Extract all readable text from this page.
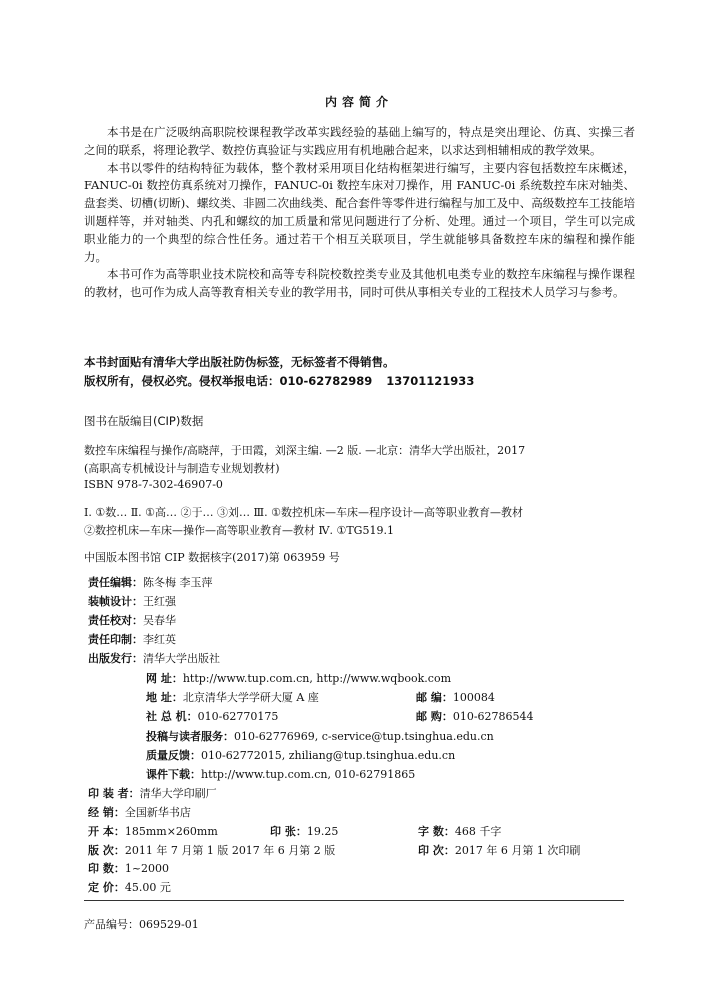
内容简介

本书是在广泛吸纳高职院校课程教学改革实践经验的基础上编写的，特点是突出理论、仿真、实操三者之间的联系，将理论教学、数控仿真验证与实践应用有机地融合起来，以求达到相辅相成的教学效果。

本书以零件的结构特征为载体，整个教材采用项目化结构框架进行编写，主要内容包括数控车床概述，FANUC-0i 数控仿真系统对刀操作，FANUC-0i 数控车床对刀操作，用 FANUC-0i 系统数控车床对轴类、盘套类、切槽(切断)、螺纹类、非圆二次曲线类、配合套件等零件进行编程与加工及中、高级数控车工技能培训题样等，并对轴类、内孔和螺纹的加工质量和常见问题进行了分析、处理。通过一个项目，学生可以完成职业能力的一个典型的综合性任务。通过若干个相互关联项目，学生就能够具备数控车床的编程和操作能力。

本书可作为高等职业技术院校和高等专科院校数控类专业及其他机电类专业的数控车床编程与操作课程的教材，也可作为成人高等教育相关专业的教学用书，同时可供从事相关专业的工程技术人员学习与参考。

本书封面贴有清华大学出版社防伪标签，无标签者不得销售。
版权所有，侵权必究。侵权举报电话：010-62782989 13701121933
图书在版编目(CIP)数据
数控车床编程与操作/高晓萍，于田霞，刘深主编. —2 版. —北京：清华大学出版社，2017
(高职高专机械设计与制造专业规划教材)
ISBN 978-7-302-46907-0
Ⅰ. ①数… Ⅱ. ①高… ②于… ③刘… Ⅲ. ①数控机床—车床—程序设计—高等职业教育—教材
②数控机床—车床—操作—高等职业教育—教材 Ⅳ. ①TG519.1
中国版本图书馆 CIP 数据核字(2017)第 063959 号
责任编辑：陈冬梅 李玉萍
装帧设计：王红强
责任校对：吴春华
责任印制：李红英
出版发行：清华大学出版社
网 址：http://www.tup.com.cn, http://www.wqbook.com
地 址：北京清华大学学研大厦 A 座	邮 编：100084
社 总 机：010-62770175	邮 购：010-62786544
投稿与读者服务：010-62776969, c-service@tup.tsinghua.edu.cn
质量反馈：010-62772015, zhiliang@tup.tsinghua.edu.cn
课件下载：http://www.tup.com.cn, 010-62791865
印 装 者：清华大学印刷厂
经 销：全国新华书店
开 本：185mm×260mm	印 张：19.25	字 数：468 千字
版 次：2011 年 7 月第 1 版 2017 年 6 月第 2 版	印 次：2017 年 6 月第 1 次印刷
印 数：1~2000
定 价：45.00 元
产品编号：069529-01
